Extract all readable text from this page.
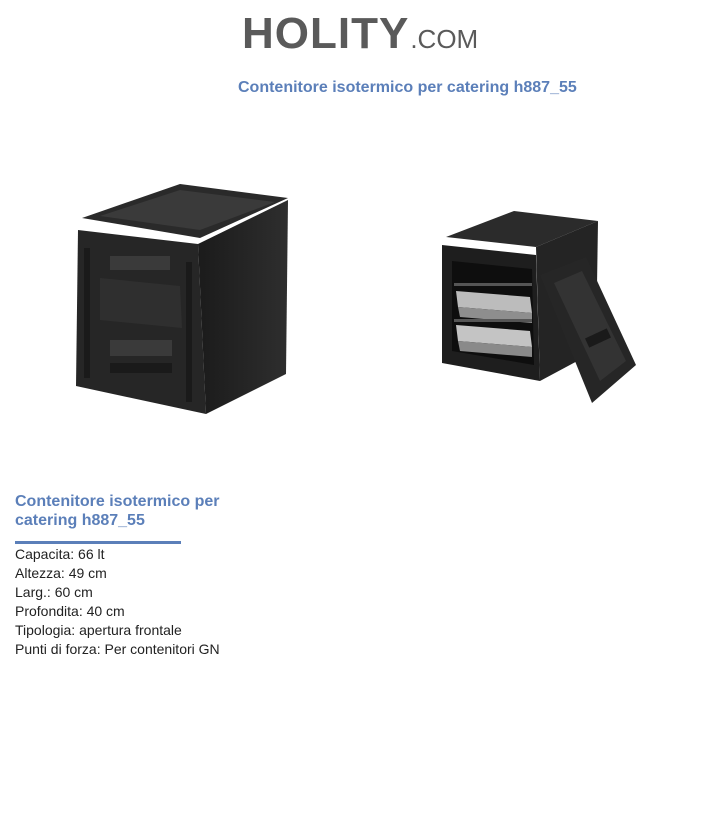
HOLITY .COM
Contenitore isotermico per catering h887_55
Contenitore isotermico per catering h887_55
Capacita: 66 lt
Altezza: 49 cm
Larg.: 60 cm
Profondita: 40 cm
Tipologia: apertura frontale
Punti di forza: Per contenitori GN
